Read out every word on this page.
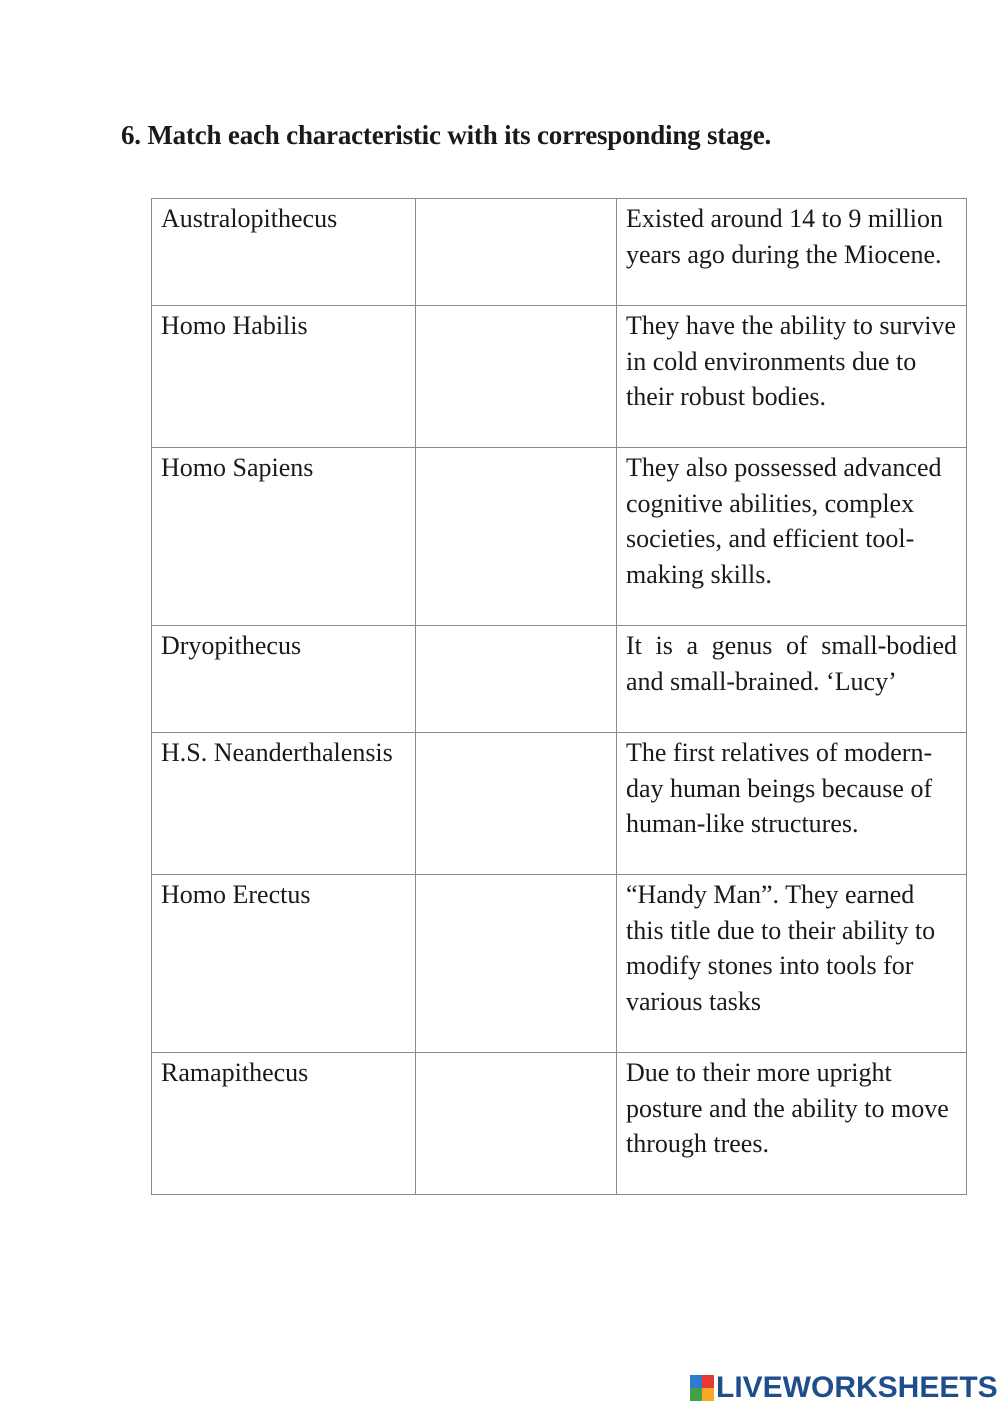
6. Match each characteristic with its corresponding stage.
Australopithecus		Existed around 14 to 9 million years ago during the Miocene.
Homo Habilis		They have the ability to survive in cold environments due to their robust bodies.
Homo Sapiens		They also possessed advanced cognitive abilities, complex societies, and efficient tool-making skills.
Dryopithecus		It is a genus of small-bodied and small-brained. ‘Lucy’
H.S. Neanderthalensis		The first relatives of modern-day human beings because of human-like structures.
Homo Erectus		“Handy Man”. They earned this title due to their ability to modify stones into tools for various tasks
Ramapithecus		Due to their more upright posture and the ability to move through trees.
LIVEWORKSHEETS
